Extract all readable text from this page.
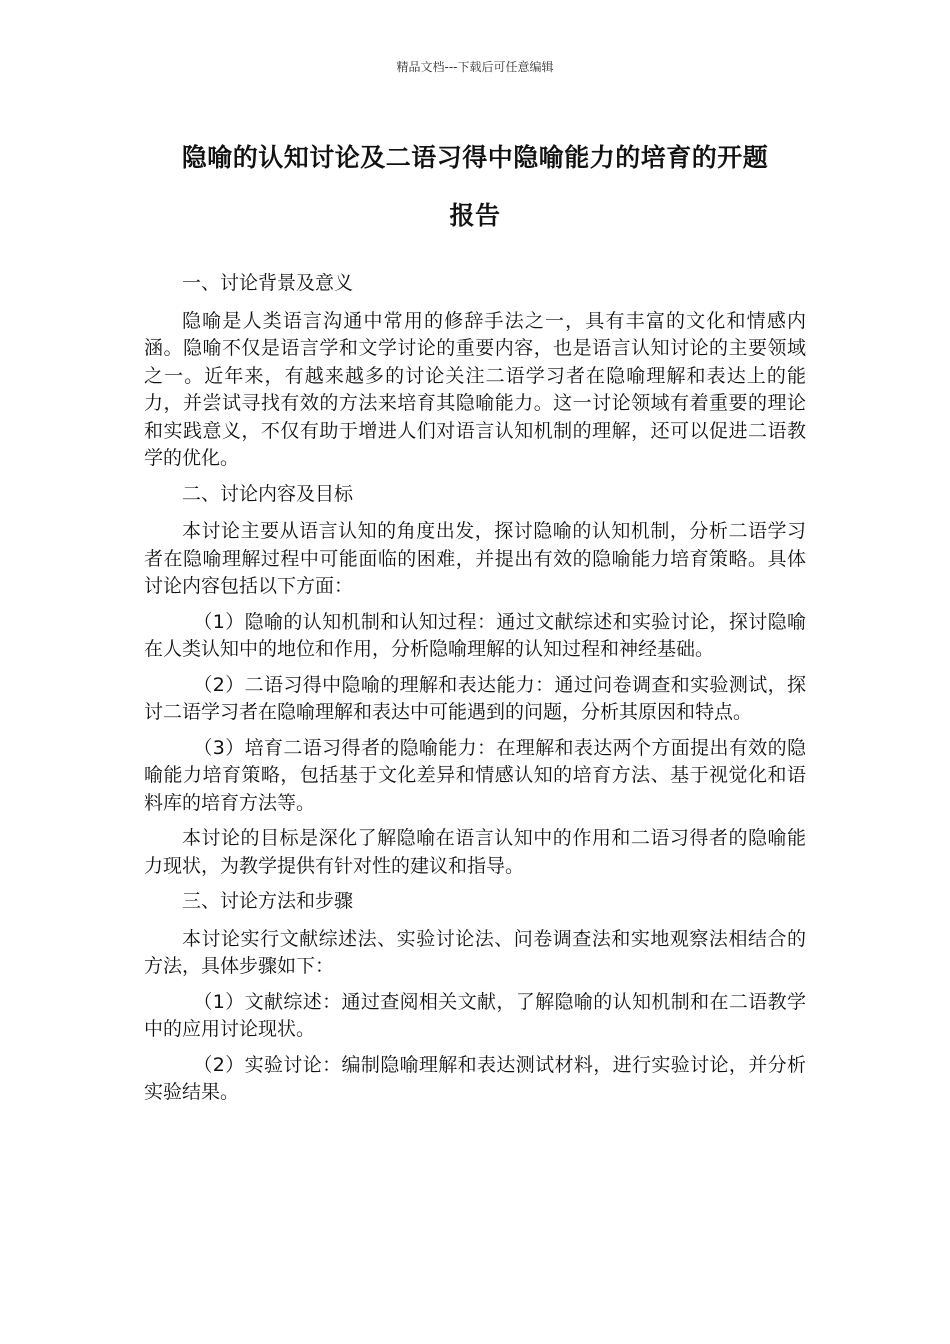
精品文档---下载后可任意编辑
隐喻的认知讨论及二语习得中隐喻能力的培育的开题
报告

一、讨论背景及意义

隐喻是人类语言沟通中常用的修辞手法之一，具有丰富的文化和情感内涵。隐喻不仅是语言学和文学讨论的重要内容，也是语言认知讨论的主要领域之一。近年来，有越来越多的讨论关注二语学习者在隐喻理解和表达上的能力，并尝试寻找有效的方法来培育其隐喻能力。这一讨论领域有着重要的理论和实践意义，不仅有助于增进人们对语言认知机制的理解，还可以促进二语教学的优化。

二、讨论内容及目标

本讨论主要从语言认知的角度出发，探讨隐喻的认知机制，分析二语学习者在隐喻理解过程中可能面临的困难，并提出有效的隐喻能力培育策略。具体讨论内容包括以下方面：

（1）隐喻的认知机制和认知过程：通过文献综述和实验讨论，探讨隐喻在人类认知中的地位和作用，分析隐喻理解的认知过程和神经基础。

（2）二语习得中隐喻的理解和表达能力：通过问卷调查和实验测试，探讨二语学习者在隐喻理解和表达中可能遇到的问题，分析其原因和特点。

（3）培育二语习得者的隐喻能力：在理解和表达两个方面提出有效的隐喻能力培育策略，包括基于文化差异和情感认知的培育方法、基于视觉化和语料库的培育方法等。

本讨论的目标是深化了解隐喻在语言认知中的作用和二语习得者的隐喻能力现状，为教学提供有针对性的建议和指导。

三、讨论方法和步骤

本讨论实行文献综述法、实验讨论法、问卷调查法和实地观察法相结合的方法，具体步骤如下：

（1）文献综述：通过查阅相关文献，了解隐喻的认知机制和在二语教学中的应用讨论现状。

（2）实验讨论：编制隐喻理解和表达测试材料，进行实验讨论，并分析实验结果。
